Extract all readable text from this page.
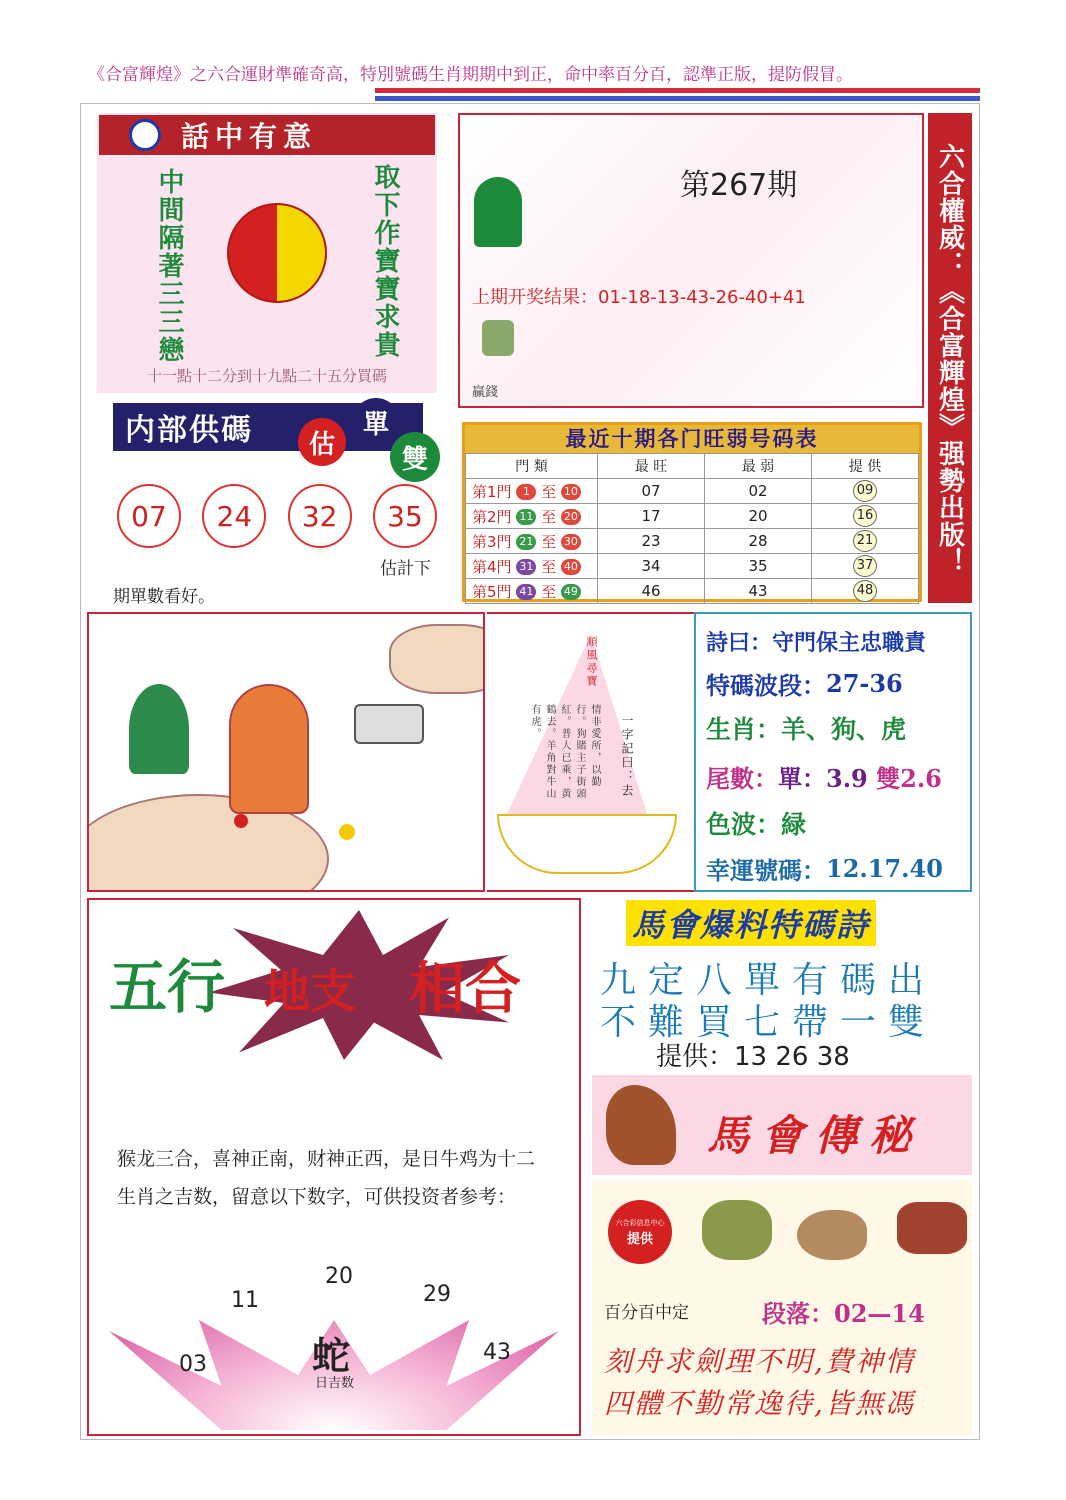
《合富輝煌》之六合運財準確奇高，特別號碼生肖期期中到正，命中率百分百，認準正版，提防假冒。
話中有意
中間隔著三三戀	取下作寶寶求貴
十一點十二分到十九點二十五分買碼
第267期
上期开奖结果：01-18-13-43-26-40+41
贏錢	六合權威：《合富輝煌》强勢出版！
内部供碼	估
單
雙
07	24	32	35
估計下
期單數看好。
最近十期各门旺弱号码表
門 類	最 旺	最 弱	提 供
第1門 1 至 10	07	02	09
第2門 11 至 20	17	20	16
第3門 21 至 30	23	28	21
第4門 31 至 40	34	35	37
第5門 41 至 49	46	43	48
順風尋寶
一字記曰：去
情非愛所，以勤行。狗賭主子街頭紅。普人已乘，黃鶴去。羊角對牛山有虎。
詩曰： 守門保主忠職責
特碼波段： 27-36
生肖： 羊、狗、虎
尾數： 單：3.9
雙2.6
色波： 緑
幸運號碼： 12.17.40
五行 地支 相合
猴龙三合，喜神正南，财神正西，是日牛鸡为十二生肖之吉数，留意以下数字，可供投资者参考：
蛇
日吉数
03
11
20
29
43
馬會爆料特碼詩
九定八單有碼出
不難買七帶一雙
提供：13 26 38
馬會傳秘
六合彩信息中心
提供
百分百中定	段落：02—14
刻舟求劍理不明,費神情
四體不勤常逸待,皆無馮
